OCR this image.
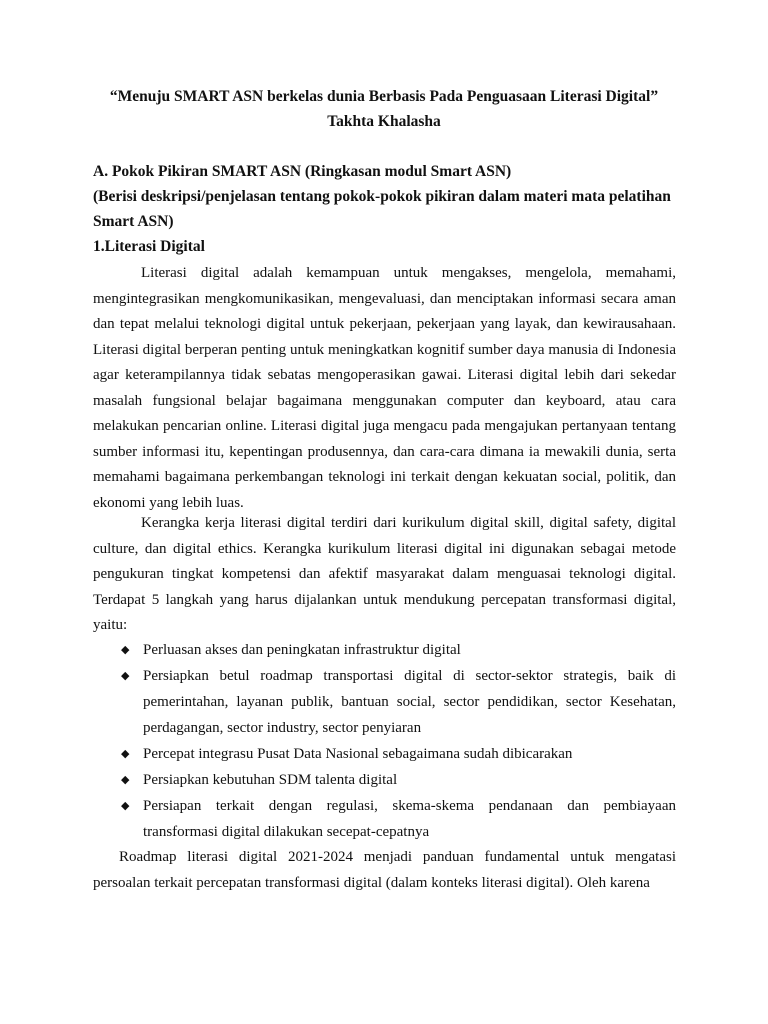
“Menuju SMART ASN berkelas dunia Berbasis Pada Penguasaan Literasi Digital”
Takhta Khalasha
A. Pokok Pikiran SMART ASN (Ringkasan modul Smart ASN)
(Berisi deskripsi/penjelasan tentang pokok-pokok pikiran dalam materi mata pelatihan
Smart ASN)
1.Literasi Digital

Literasi digital adalah kemampuan untuk mengakses, mengelola, memahami, mengintegrasikan mengkomunikasikan, mengevaluasi, dan menciptakan informasi secara aman dan tepat melalui teknologi digital untuk pekerjaan, pekerjaan yang layak, dan kewirausahaan. Literasi digital berperan penting untuk meningkatkan kognitif sumber daya manusia di Indonesia agar keterampilannya tidak sebatas mengoperasikan gawai. Literasi digital lebih dari sekedar masalah fungsional belajar bagaimana menggunakan computer dan keyboard, atau cara melakukan pencarian online. Literasi digital juga mengacu pada mengajukan pertanyaan tentang sumber informasi itu, kepentingan produsennya, dan cara-cara dimana ia mewakili dunia, serta memahami bagaimana perkembangan teknologi ini terkait dengan kekuatan social, politik, dan ekonomi yang lebih luas.

Kerangka kerja literasi digital terdiri dari kurikulum digital skill, digital safety, digital culture, dan digital ethics. Kerangka kurikulum literasi digital ini digunakan sebagai metode pengukuran tingkat kompetensi dan afektif masyarakat dalam menguasai teknologi digital. Terdapat 5 langkah yang harus dijalankan untuk mendukung percepatan transformasi digital, yaitu:

◆ Perluasan akses dan peningkatan infrastruktur digital
◆ Persiapkan betul roadmap transportasi digital di sector-sektor strategis, baik di pemerintahan, layanan publik, bantuan social, sector pendidikan, sector Kesehatan, perdagangan, sector industry, sector penyiaran
◆ Percepat integrasu Pusat Data Nasional sebagaimana sudah dibicarakan
◆ Persiapkan kebutuhan SDM talenta digital
◆ Persiapan terkait dengan regulasi, skema-skema pendanaan dan pembiayaan transformasi digital dilakukan secepat-cepatnya

Roadmap literasi digital 2021-2024 menjadi panduan fundamental untuk mengatasi persoalan terkait percepatan transformasi digital (dalam konteks literasi digital). Oleh karena
